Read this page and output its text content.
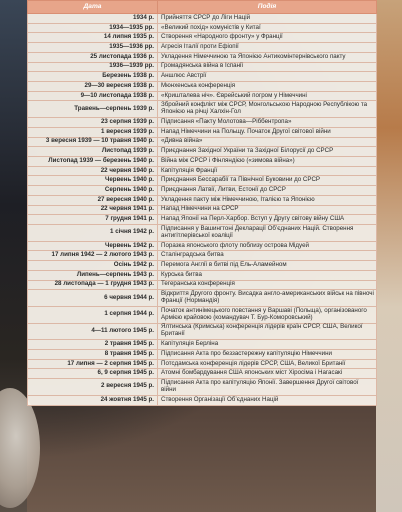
Дата	Подія
1934 р.	Прийняття СРСР до Ліги Націй
1934—1935 рр.	«Великий похід» комуністів у Китаї
14 липня 1935 р.	Створення «Народного фронту» у Франції
1935—1936 рр.	Агресія Італії проти Ефіопії
25 листопада 1936 р.	Укладення Німеччиною та Японією Антикомінтернівського пакту
1936—1939 рр.	Громадянська війна в Іспанії
Березень 1938 р.	Аншлюс Австрії
29—30 вересня 1938 р.	Мюнхенська конференція
9—10 листопада 1938 р.	«Кришталева ніч». Єврейський погром у Німеччині
Травень—серпень 1939 р.	Збройний конфлікт між СРСР, Монгольською Народною Республікою та Японією на річці Халхін-Гол
23 серпня 1939 р.	Підписання «Пакту Молотова—Ріббентропа»
1 вересня 1939 р.	Напад Німеччини на Польщу. Початок Другої світової війни
3 вересня 1939 — 10 травня 1940 р.	«Дивна війна»
Листопад 1939 р.	Приєднання Західної України та Західної Білорусії до СРСР
Листопад 1939 — березень 1940 р.	Війна між СРСР і Фінляндією («зимова війна»)
22 червня 1940 р.	Капітуляція Франції
Червень 1940 р.	Приєднання Бессарабії та Північної Буковини до СРСР
Серпень 1940 р.	Приєднання Латвії, Литви, Естонії до СРСР
27 вересня 1940 р.	Укладення пакту між Німеччиною, Італією та Японією
22 червня 1941 р.	Напад Німеччини на СРСР
7 грудня 1941 р.	Напад Японії на Перл-Харбор. Вступ у Другу світову війну США
1 січня 1942 р.	Підписання у Вашингтоні Декларації Об’єднаних Націй. Створення антигітлерівської коаліції
Червень 1942 р.	Поразка японського флоту поблизу острова Мідуей
17 липня 1942 — 2 лютого 1943 р.	Сталінградська битва
Осінь 1942 р.	Перемога Англії в битві під Ель-Аламейном
Липень—серпень 1943 р.	Курська битва
28 листопада — 1 грудня 1943 р.	Тегеранська конференція
6 червня 1944 р.	Відкриття Другого фронту. Висадка англо-американських військ на півночі Франції (Нормандія)
1 серпня 1944 р.	Початок антинімецького повстання у Варшаві (Польща), організованого Армією крайовою (командувач Т. Бур-Коморовський)
4—11 лютого 1945 р.	Ялтинська (Кримська) конференція лідерів країн СРСР, США, Великої Британії
2 травня 1945 р.	Капітуляція Берліна
8 травня 1945 р.	Підписання Акта про беззастережну капітуляцію Німеччини
17 липня — 2 серпня 1945 р.	Потсдамська конференція лідерів СРСР, США, Великої Британії
6, 9 серпня 1945 р.	Атомні бомбардування США японських міст Хіросіма і Нагасакі
2 вересня 1945 р.	Підписання Акта про капітуляцію Японії. Завершення Другої світової війни
24 жовтня 1945 р.	Створення Організації Об’єднаних Націй
